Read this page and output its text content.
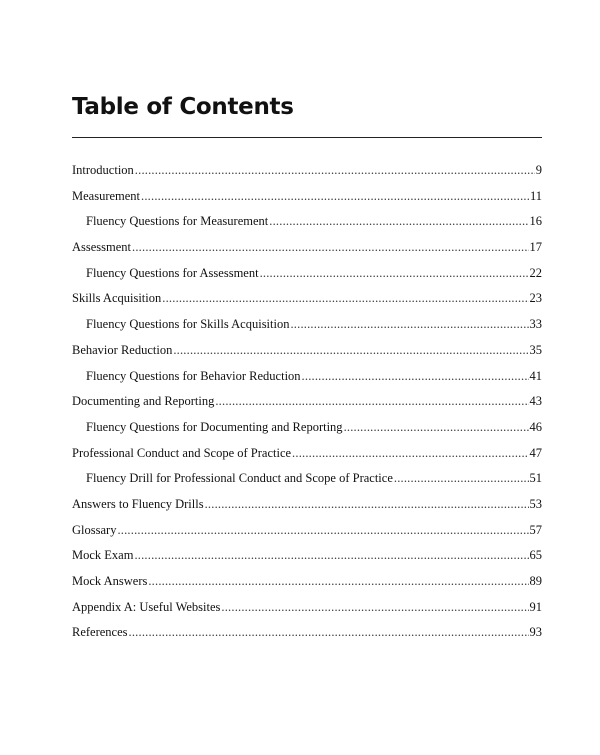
Table of Contents
Introduction .....	9
Measurement .....	11
Fluency Questions for Measurement .....	16
Assessment .....	17
Fluency Questions for Assessment .....	22
Skills Acquisition .....	23
Fluency Questions for Skills Acquisition .....	33
Behavior Reduction .....	35
Fluency Questions for Behavior Reduction .....	41
Documenting and Reporting .....	43
Fluency Questions for Documenting and Reporting .....	46
Professional Conduct and Scope of Practice .....	47
Fluency Drill for Professional Conduct and Scope of Practice .....	51
Answers to Fluency Drills .....	53
Glossary .....	57
Mock Exam .....	65
Mock Answers .....	89
Appendix A: Useful Websites .....	91
References .....	93
